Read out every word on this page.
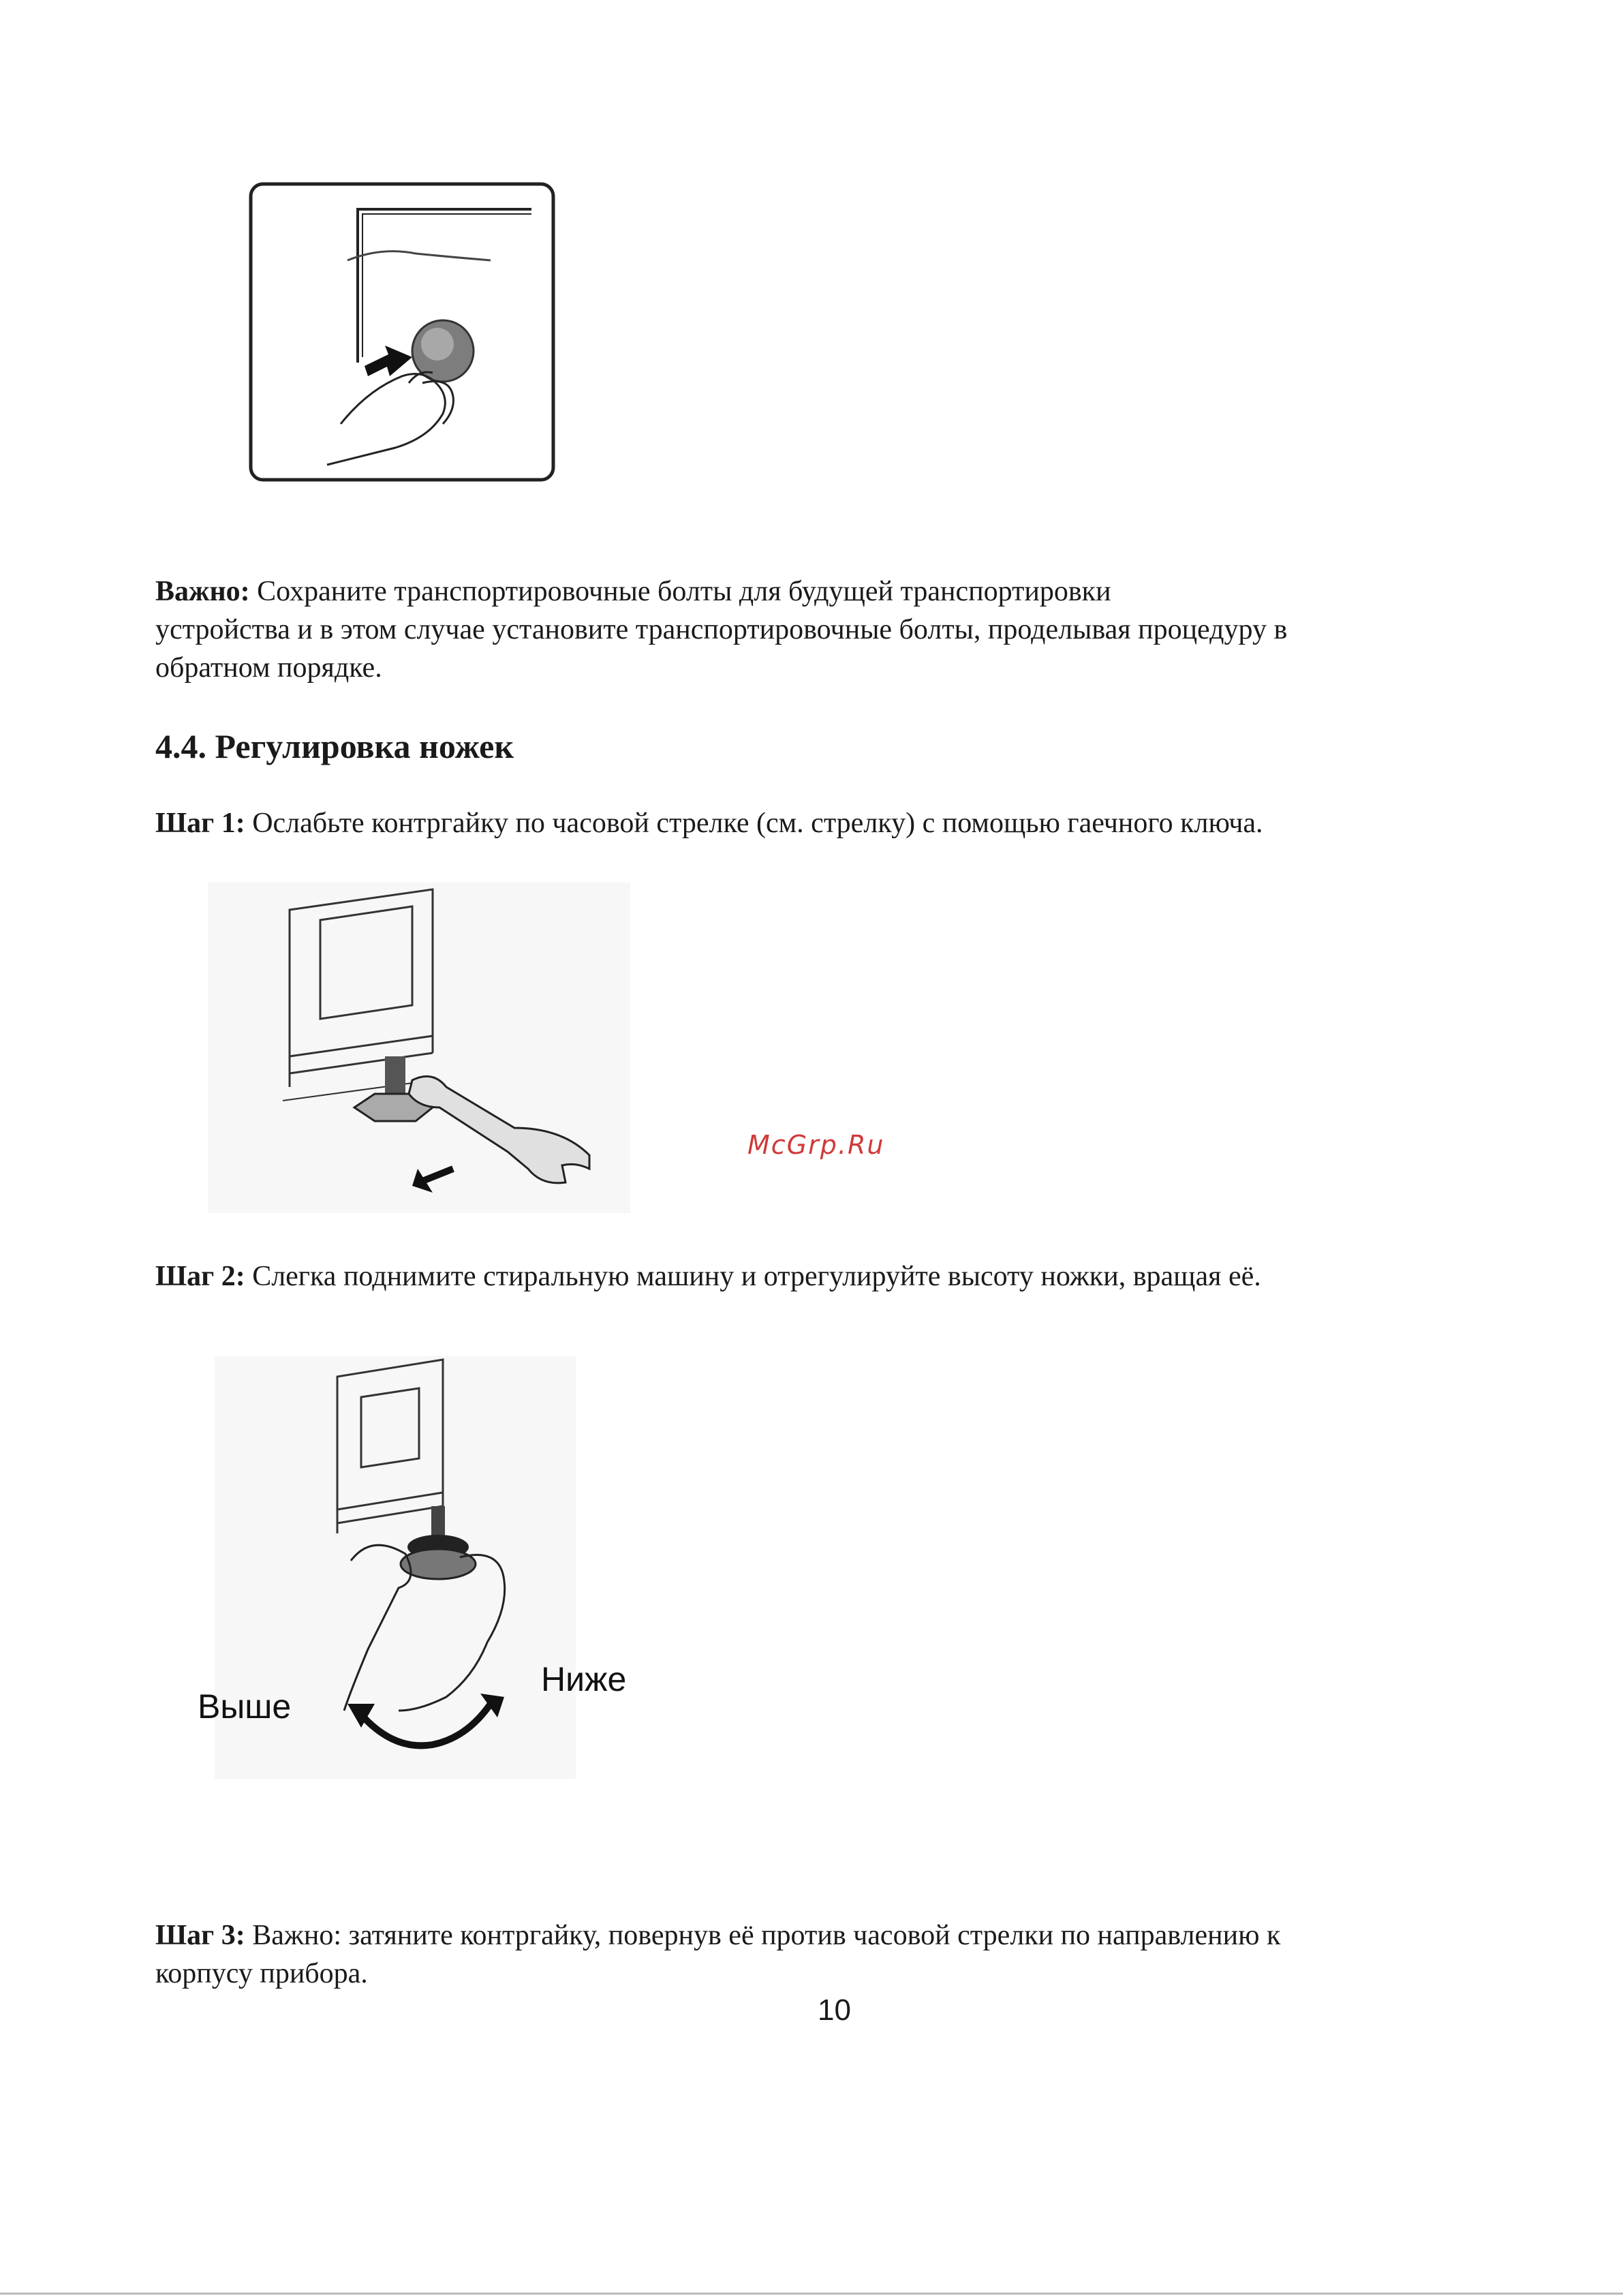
Важно: Сохраните транспортировочные болты для будущей транспортировки

устройства и в этом случае установите транспортировочные болты, проделывая процедуру в

обратном порядке.

4.4. Регулировка ножек

Шаг 1: Ослабьте контргайку по часовой стрелке (см. стрелку) с помощью гаечного ключа.

McGrp.Ru

Шаг 2: Слегка поднимите стиральную машину и отрегулируйте высоту ножки, вращая её.

Выше
Ниже

Шаг 3: Важно: затяните контргайку, повернув её против часовой стрелки по направлению к

корпусу прибора.

10
